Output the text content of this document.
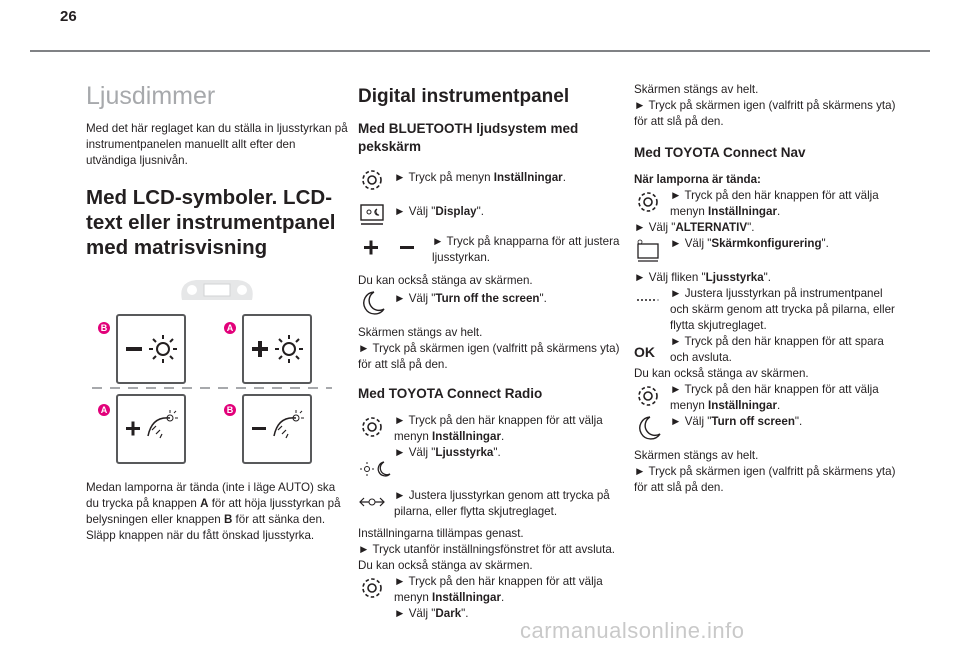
26
Ljusdimmer

Med det här reglaget kan du ställa in ljusstyrkan på instrumentpanelen manuellt allt efter den utvändiga ljusnivån.

Med LCD-symboler. LCD-text eller instrumentpanel med matrisvisning
B	A
A	B

Medan lamporna är tända (inte i läge AUTO) ska du trycka på knappen A för att höja ljusstyrkan på belysningen eller knappen B för att sänka den.

Släpp knappen när du fått önskad ljusstyrka.

Digital instrumentpanel
Med BLUETOOTH ljudsystem med pekskärm

► Tryck på menyn Inställningar.

► Välj "Display".

► Tryck på knapparna för att justera ljusstyrkan.

Du kan också stänga av skärmen.

► Välj "Turn off the screen".

Skärmen stängs av helt.

► Tryck på skärmen igen (valfritt på skärmens yta) för att slå på den.

Med TOYOTA Connect Radio

► Tryck på den här knappen för att välja menyn Inställningar.
► Välj "Ljusstyrka".

► Justera ljusstyrkan genom att trycka på pilarna, eller flytta skjutreglaget.

Inställningarna tillämpas genast.

► Tryck utanför inställningsfönstret för att avsluta.

Du kan också stänga av skärmen.

► Tryck på den här knappen för att välja menyn Inställningar.
► Välj "Dark".

Skärmen stängs av helt.

► Tryck på skärmen igen (valfritt på skärmens yta) för att slå på den.

Med TOYOTA Connect Nav

När lamporna är tända:

► Tryck på den här knappen för att välja menyn Inställningar.

► Välj "ALTERNATIV".

► Välj "Skärmkonfigurering".

► Välj fliken "Ljusstyrka".

► Justera ljusstyrkan på instrumentpanel och skärm genom att trycka på pilarna, eller flytta skjutreglaget.

OK

► Tryck på den här knappen för att spara och avsluta.

Du kan också stänga av skärmen.

► Tryck på den här knappen för att välja menyn Inställningar.

► Välj "Turn off screen".

Skärmen stängs av helt.

► Tryck på skärmen igen (valfritt på skärmens yta) för att slå på den.

carmanualsonline.info
